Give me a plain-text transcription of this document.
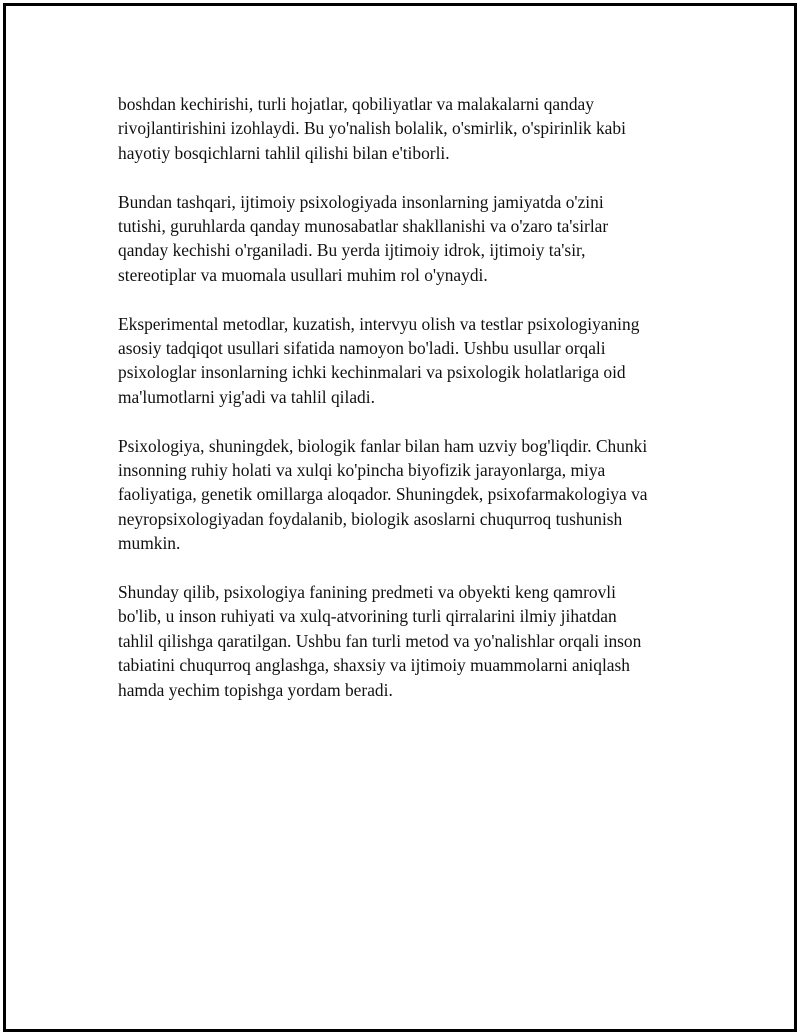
boshdan kechirishi, turli hojatlar, qobiliyatlar va malakalarni qanday
rivojlantirishini izohlaydi. Bu yo'nalish bolalik, o'smirlik, o'spirinlik kabi
hayotiy bosqichlarni tahlil qilishi bilan e'tiborli.

Bundan tashqari, ijtimoiy psixologiyada insonlarning jamiyatda o'zini
tutishi, guruhlarda qanday munosabatlar shakllanishi va o'zaro ta'sirlar
qanday kechishi o'rganiladi. Bu yerda ijtimoiy idrok, ijtimoiy ta'sir,
stereotiplar va muomala usullari muhim rol o'ynaydi.

Eksperimental metodlar, kuzatish, intervyu olish va testlar psixologiyaning
asosiy tadqiqot usullari sifatida namoyon bo'ladi. Ushbu usullar orqali
psixologlar insonlarning ichki kechinmalari va psixologik holatlariga oid
ma'lumotlarni yig'adi va tahlil qiladi.

Psixologiya, shuningdek, biologik fanlar bilan ham uzviy bog'liqdir. Chunki
insonning ruhiy holati va xulqi ko'pincha biyofizik jarayonlarga, miya
faoliyatiga, genetik omillarga aloqador. Shuningdek, psixofarmakologiya va
neyropsixologiyadan foydalanib, biologik asoslarni chuqurroq tushunish
mumkin.

Shunday qilib, psixologiya fanining predmeti va obyekti keng qamrovli
bo'lib, u inson ruhiyati va xulq-atvorining turli qirralarini ilmiy jihatdan
tahlil qilishga qaratilgan. Ushbu fan turli metod va yo'nalishlar orqali inson
tabiatini chuqurroq anglashga, shaxsiy va ijtimoiy muammolarni aniqlash
hamda yechim topishga yordam beradi.
